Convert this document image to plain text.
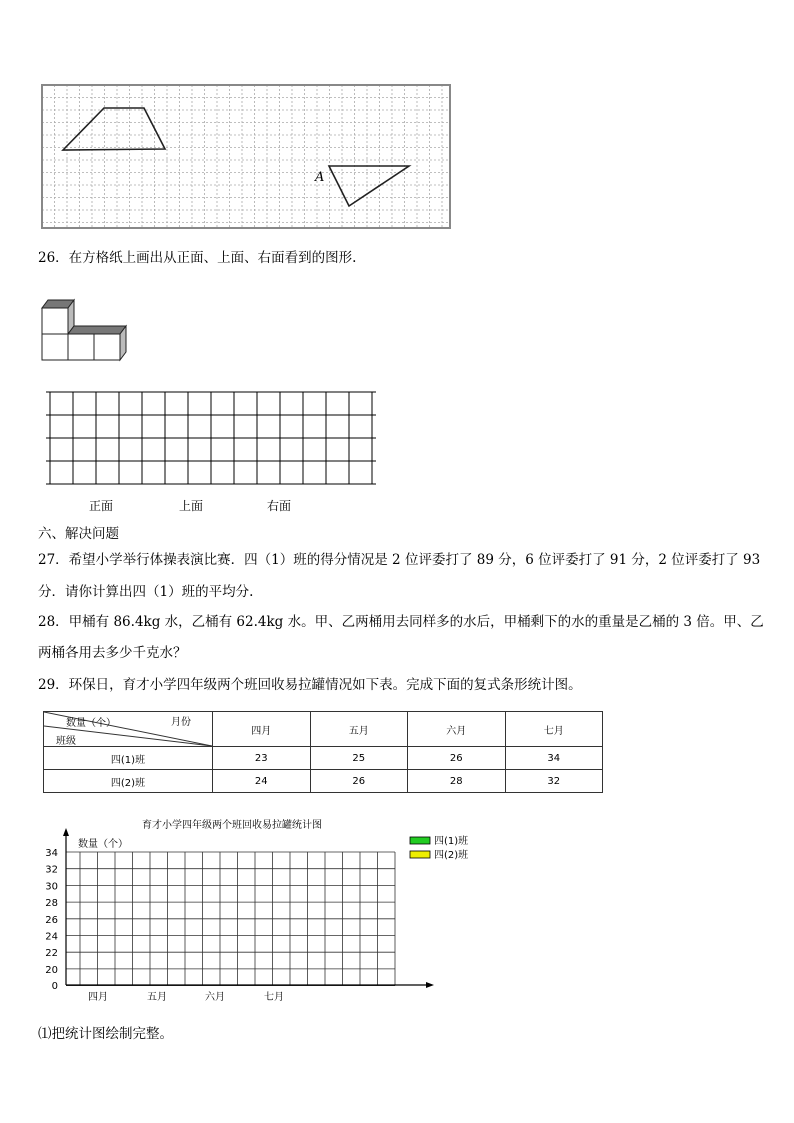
A
26．在方格纸上画出从正面、上面、右面看到的图形.
正面	上面	右面
六、解决问题
27．希望小学举行体操表演比赛．四（1）班的得分情况是 2 位评委打了 89 分，6 位评委打了 91 分，2 位评委打了 93
分．请你计算出四（1）班的平均分.
28．甲桶有 86.4kg 水，乙桶有 62.4kg 水。甲、乙两桶用去同样多的水后，甲桶剩下的水的重量是乙桶的 3 倍。甲、乙
两桶各用去多少千克水？
29．环保日，育才小学四年级两个班回收易拉罐情况如下表。完成下面的复式条形统计图。
数量（个） 月份
班级	四月	五月	六月	七月
四(1)班	23	25	26	34
四(2)班	24	26	28	32
育才小学四年级两个班回收易拉罐统计图
数量（个）
34
32
30
28
26
24
22
20
0
四月	五月	六月	七月
四(1)班
四(2)班
⑴把统计图绘制完整。
